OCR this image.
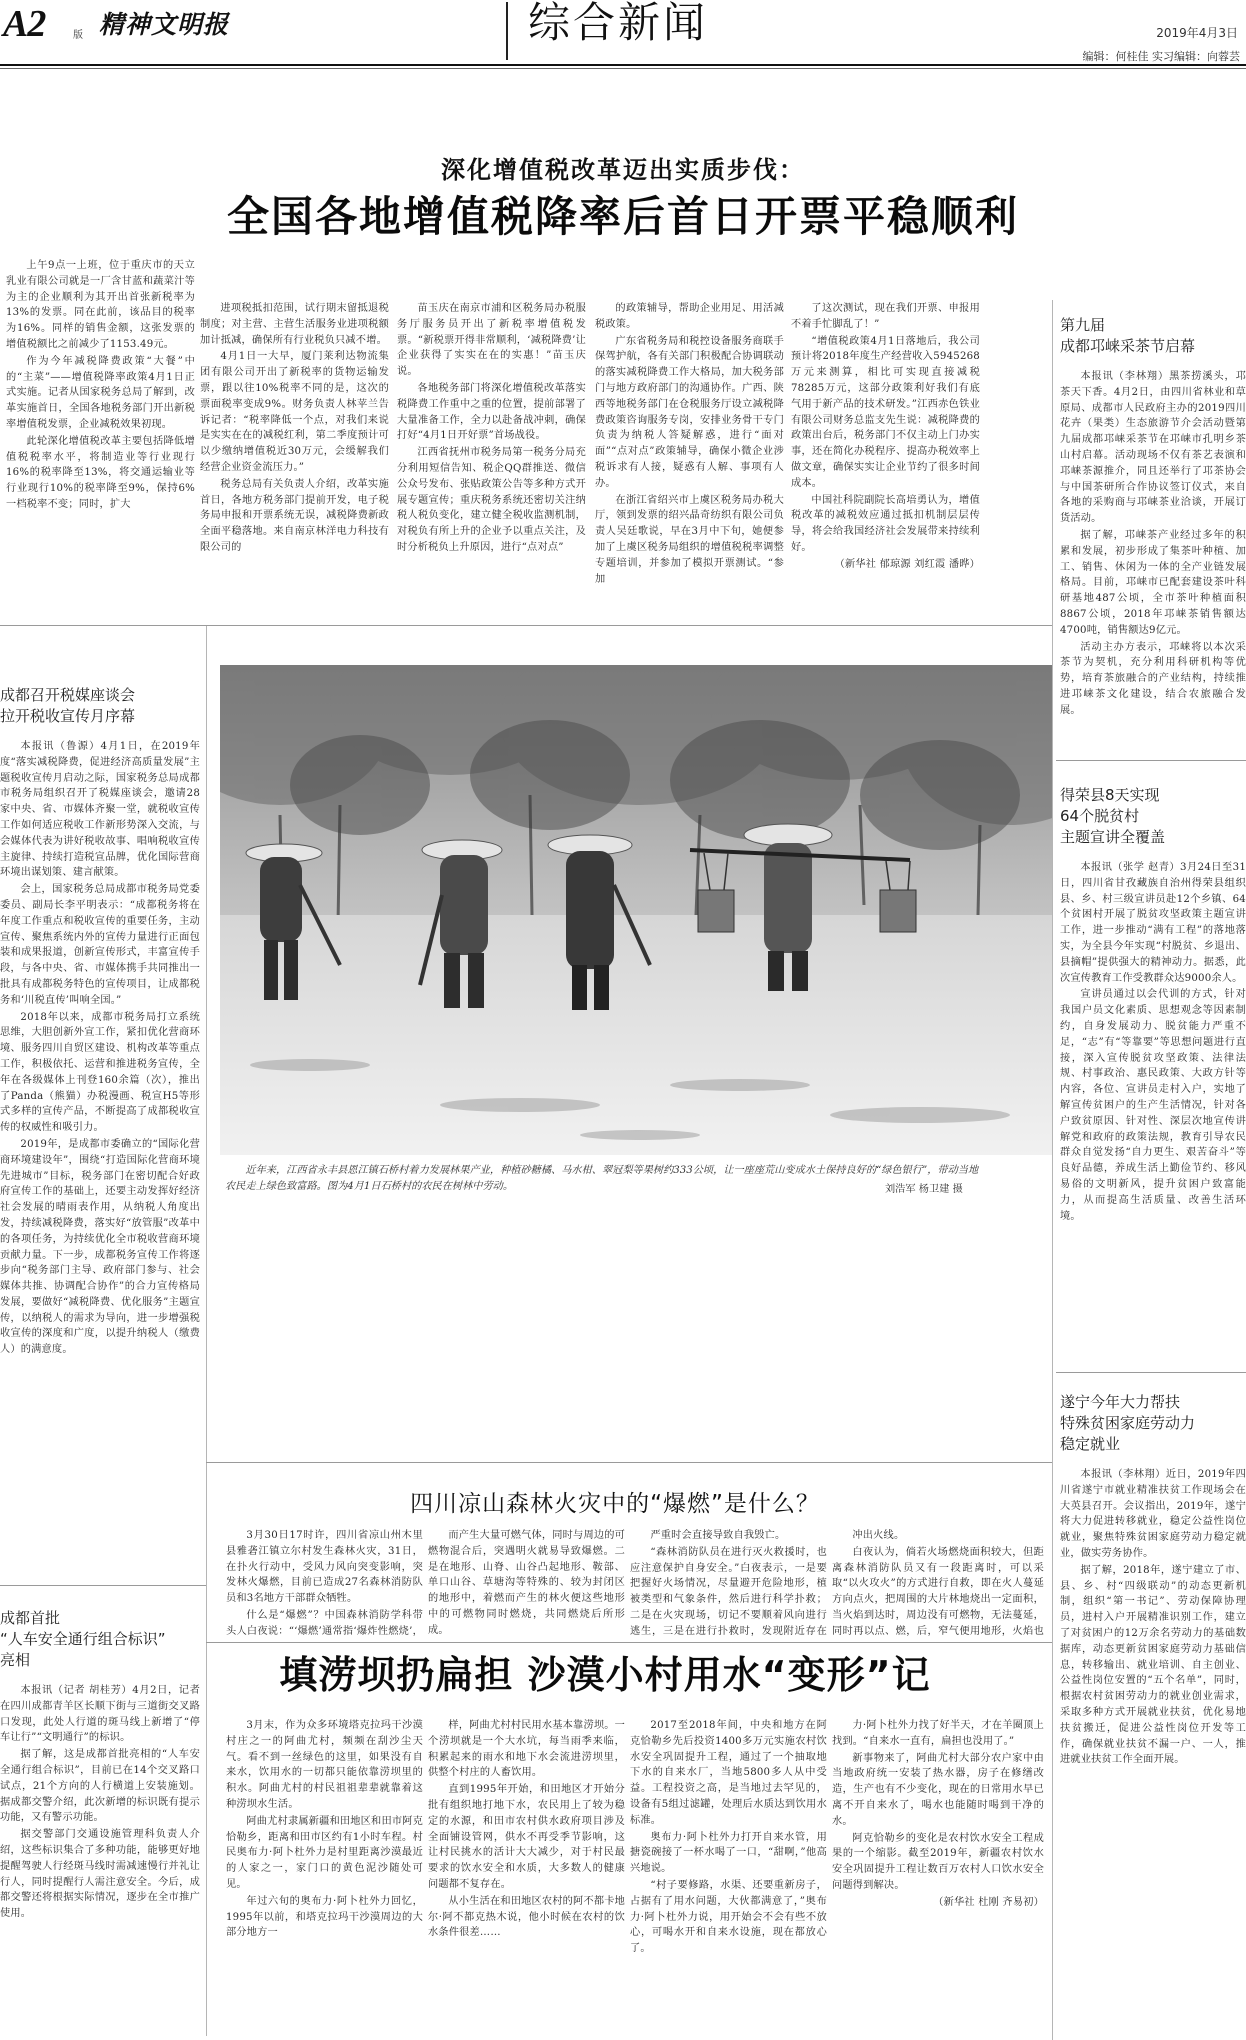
A2	版 精神文明报	综合新闻	2019年4月3日
编辑：何桂佳 实习编辑：向蓉芸
深化增值税改革迈出实质步伐：
全国各地增值税降率后首日开票平稳顺利

上午9点一上班，位于重庆市的天立乳业有限公司就是一厂含甘蓝和蔬菜汁等为主的企业顺利为其开出首张新税率为13%的发票。同在此前，该品目的税率为16%。同样的销售金额，这张发票的增值税额比之前减少了1153.49元。

作为今年减税降费政策“大餐”中的“主菜”——增值税降率政策4月1日正式实施。记者从国家税务总局了解到，改革实施首日，全国各地税务部门开出新税率增值税发票，企业减税效果初现。

此轮深化增值税改革主要包括降低增值税税率水平，将制造业等行业现行16%的税率降至13%，将交通运输业等行业现行10%的税率降至9%，保持6%一档税率不变；同时，扩大

进项税抵扣范围，试行期末留抵退税制度；对主营、主营生活服务业进项税额加计抵减，确保所有行业税负只减不增。

4月1日一大早，厦门莱利达物流集团有限公司开出了新税率的货物运输发票，跟以往10%税率不同的是，这次的票面税率变成9%。财务负责人林苹兰告诉记者：“税率降低一个点，对我们来说是实实在在的减税红利，第二季度预计可以少缴纳增值税近30万元，会缓解我们经营企业资金流压力。”

税务总局有关负责人介绍，改革实施首日，各地方税务部门提前开发，电子税务局申报和开票系统无误，减税降费新政全面平稳落地。来自南京林洋电力科技有限公司的

苗玉庆在南京市浦和区税务局办税服务厅服务员开出了新税率增值税发票。“新税票开得非常顺利，‘减税降费’让企业获得了实实在在的实惠！”苗玉庆说。

各地税务部门将深化增值税改革落实税降费工作重中之重的位置，提前部署了大量准备工作，全力以赴备战冲刺，确保打好“4月1日开好票”首场战役。

江西省抚州市税务局第一税务分局充分利用短信告知、税企QQ群推送、微信公众号发布、张贴政策公告等多种方式开展专题宣传；重庆税务系统还密切关注纳税人税负变化，建立健全税收监测机制，对税负有所上升的企业予以重点关注，及时分析税负上升原因，进行“点对点”

的政策辅导，帮助企业用足、用活减税政策。

广东省税务局和税控设备服务商联手保驾护航，各有关部门积极配合协调联动的落实减税降费工作大格局，加大税务部门与地方政府部门的沟通协作。广西、陕西等地税务部门在仓税服务厅设立减税降费政策咨询服务专岗，安排业务骨干专门负责为纳税人答疑解惑，进行“面对面”“点对点”政策辅导，确保小微企业涉税诉求有人接，疑惑有人解、事项有人办。

在浙江省绍兴市上虞区税务局办税大厅，领到发票的绍兴晶奇纺织有限公司负责人吴廷歌说，早在3月中下旬，她便参加了上虞区税务局组织的增值税税率调整专题培训，并参加了模拟开票测试。“参加

了这次测试，现在我们开票、申报用不着手忙脚乱了！”

“增值税政策4月1日落地后，我公司预计将2018年度生产经营收入5945268万元来测算，相比可实现直接减税78285万元，这部分政策利好我们有底气用于新产品的技术研发。”江西赤色铁业有限公司财务总监支先生说：减税降费的政策出台后，税务部门不仅主动上门办实事，还在简化办税程序、提高办税效率上做文章，确保实实让企业节约了很多时间成本。

中国社科院副院长高培勇认为，增值税改革的减税效应通过抵扣机制层层传导，将会给我国经济社会发展带来持续利好。

（新华社 郁琼源 刘红霞 潘晔）

第九届
成都邛崃采茶节启幕

本报讯（李林翔）黑茶捞溪头，邛茶天下香。4月2日，由四川省林业和草原局、成都市人民政府主办的2019四川花卉（果类）生态旅游节介会活动暨第九届成都邛崃采茶节在邛崃市孔明乡茶山村启幕。活动现场不仅有茶艺表演和邛崃茶源推介，同且还举行了邛茶协会与中国茶研所合作协议签订仪式，来自各地的采购商与邛崃茶业洽谈，开展订货活动。

据了解，邛崃茶产业经过多年的积累和发展，初步形成了集茶叶种植、加工、销售、休闲为一体的全产业链发展格局。目前，邛崃市已配套建设茶叶科研基地487公顷，全市茶叶种植面积8867公顷，2018年邛崃茶销售额达4700吨，销售额达9亿元。

活动主办方表示，邛崃将以本次采茶节为契机，充分利用科研机构等优势，培育茶旅融合的产业结构，持续推进邛崃茶文化建设，结合农旅融合发展。

得荣县8天实现
64个脱贫村
主题宣讲全覆盖

本报讯（张学 赵青）3月24日至31日，四川省甘孜藏族自治州得荣县组织县、乡、村三级宣讲员赴12个乡镇、64个贫困村开展了脱贫攻坚政策主题宣讲工作，进一步推动“满有工程”的落地落实，为全县今年实现“村脱贫、乡退出、县摘帽”提供强大的精神动力。据悉，此次宣传教育工作受教群众达9000余人。

宣讲员通过以会代训的方式，针对我国户员文化素质、思想观念等因素制约，自身发展动力、脱贫能力严重不足，“志”有“等靠要”等思想问题进行直接，深入宣传脱贫攻坚政策、法律法规、村事政治、惠民政策、大政方针等内容，各位、宣讲员走村入户，实地了解宣传贫困户的生产生活情况，针对各户致贫原因、针对性、深层次地宣传讲解党和政府的政策法规，教育引导农民群众自觉发扬“自力更生、艰苦奋斗”等良好品德，养成生活上勤俭节约、移风易俗的文明新风，提升贫困户致富能力，从而提高生活质量、改善生活环境。

遂宁今年大力帮扶
特殊贫困家庭劳动力
稳定就业

本报讯（李林翔）近日，2019年四川省遂宁市就业精准扶贫工作现场会在大英县召开。会议指出，2019年，遂宁将大力促进转移就业，稳定公益性岗位就业，聚焦特殊贫困家庭劳动力稳定就业，做实劳务协作。

据了解，2018年，遂宁建立了市、县、乡、村“四级联动”的动态更新机制，组织“第一书记”、劳动保障协理员，进村入户开展精准识别工作，建立了对贫困户的12万余名劳动力的基础数据库，动态更新贫困家庭劳动力基础信息，转移输出、就业培训、自主创业、公益性岗位安置的“五个名单”，同时，根据农村贫困劳动力的就业创业需求，采取多种方式开展就业扶贫，优化易地扶贫搬迁，促进公益性岗位开发等工作，确保就业扶贫不漏一户、一人，推进就业扶贫工作全面开展。

成都召开税媒座谈会
拉开税收宣传月序幕

本报讯（鲁源）4月1日，在2019年度“落实减税降费，促进经济高质量发展”主题税收宣传月启动之际，国家税务总局成都市税务局组织召开了税媒座谈会，邀请28家中央、省、市媒体齐聚一堂，就税收宣传工作如何适应税收工作新形势深入交流，与会媒体代表为讲好税收故事、唱响税收宣传主旋律、持续打造税宣品牌，优化国际营商环境出谋划策、建言献策。

会上，国家税务总局成都市税务局党委委员、副局长李平明表示：“成都税务将在年度工作重点和税收宣传的重要任务，主动宣传、聚焦系统内外的宣传力量进行正面包装和成果报道，创新宣传形式，丰富宣传手段，与各中央、省、市媒体携手共同推出一批具有成都税务特色的宣传项目，让成都税务和‘川税直传’叫响全国。”

2018年以来，成都市税务局打立系统思维，大胆创新外宣工作，紧扣优化营商环境、服务四川自贸区建设、机构改革等重点工作，积极依托、运营和推进税务宣传，全年在各级媒体上刊登160余篇（次），推出了Panda（熊猫）办税漫画、税宣H5等形式多样的宣传产品，不断提高了成都税收宣传的权威性和吸引力。

2019年，是成都市委确立的“国际化营商环境建设年”，围绕“打造国际化营商环境先进城市”目标，税务部门在密切配合好政府宣传工作的基础上，还要主动发挥好经济社会发展的晴雨表作用，从纳税人角度出发，持续减税降费，落实好“放管服”改革中的各项任务，为持续优化全市税收营商环境贡献力量。下一步，成都税务宣传工作将逐步向“税务部门主导、政府部门参与、社会媒体共推、协调配合协作”的合力宣传格局发展，要做好“减税降费、优化服务”主题宣传，以纳税人的需求为导向，进一步增强税收宣传的深度和广度，以提升纳税人（缴费人）的满意度。

成都首批
“人车安全通行组合标识”
亮相

本报讯（记者 胡桂芳）4月2日，记者在四川成都青羊区长顺下街与三道街交叉路口发现，此处人行道的斑马线上新增了“停车让行”“文明通行”的标识。

据了解，这是成都首批亮相的“人车安全通行组合标识”，目前已在14个交叉路口试点，21个方向的人行横道上安装施划。据成都交警介绍，此次新增的标识既有提示功能，又有警示功能。

据交警部门交通设施管理科负责人介绍，这些标识集合了多种功能，能够更好地提醒驾驶人行经斑马线时需减速慢行并礼让行人，同时提醒行人需注意安全。今后，成都交警还将根据实际情况，逐步在全市推广使用。

近年来，江西省永丰县恩江镇石桥村着力发展林果产业，种植砂糖橘、马水柑、翠冠梨等果树约333公顷，让一座座荒山变成水土保持良好的“绿色银行”，带动当地农民走上绿色致富路。图为4月1日石桥村的农民在树林中劳动。	刘浩军 杨卫建 摄
四川凉山森林火灾中的“爆燃”是什么？

3月30日17时许，四川省凉山州木里县雅砻江镇立尔村发生森林火灾，31日，在扑火行动中，受风力风向突变影响，突发林火爆燃，目前已造成27名森林消防队员和3名地方干部群众牺牲。

什么是“爆燃”？中国森林消防学科带头人白夜说：“‘爆燃’通常指‘爆炸性燃烧’，

而产生大量可燃气体，同时与周边的可燃物混合后，突遇明火就易导致爆燃。二是在地形、山脊、山谷凸起地形、鞍部、单口山谷、草塘沟等特殊的、较为封闭区的地形中，着燃而产生的林火便这些地形中的可燃物同时燃烧，共同燃烧后所形成。

严重时会直接导致自我毁亡。

“森林消防队员在进行灭火救援时，也应注意保护自身安全。”白夜表示，一是要把握好火场情况，尽量避开危险地形，植被类型和气象条件，然后进行科学扑救；二是在火灾现场，切记不要顺着风向进行逃生，三是在进行扑救时，发现附近存在

冲出火线。

白夜认为，倘若火场燃烧面积较大，但距离森林消防队员又有一段距离时，可以采取“以火攻火”的方式进行自救，即在火人蔓延方向点火，把周围的大片林地烧出一定面积，当火焰到达时，周边没有可燃物，无法蔓延，同时再以点、燃，后，窄气便用地形，火焰也

填涝坝扔扁担 沙漠小村用水“变形”记

3月末，作为众多环境塔克拉玛干沙漠村庄之一的阿曲尤村，频频在刮沙尘天气。看不到一丝绿色的这里，如果没有自来水，饮用水的一切都只能依靠涝坝里的积水。阿曲尤村的村民祖祖辈辈就靠着这种涝坝水生活。

阿曲尤村隶属新疆和田地区和田市阿克恰勒乡，距离和田市区约有1小时车程。村民奥布力·阿卜杜外力是村里距离沙漠最近的人家之一，家门口的黄色泥沙随处可见。

年过六旬的奥布力·阿卜杜外力回忆，1995年以前，和塔克拉玛干沙漠周边的大部分地方一

样，阿曲尤村村民用水基本靠涝坝。一个涝坝就是一个大水坑，每当雨季来临，积累起来的雨水和地下水会流进涝坝里，供整个村庄的人畜饮用。

直到1995年开始，和田地区才开始分批有组织地打地下水，农民用上了较为稳定的水源，和田市农村供水政府项目涉及全面铺设管网，供水不再受季节影响，这让村民挑水的活计大大减少，对于村民最要求的饮水安全和水质，大多数人的健康问题都不复存在。

从小生活在和田地区农村的阿不都卡地尔·阿不都克热木说，他小时候在农村的饮水条件很差……

2017至2018年间，中央和地方在阿克恰勒乡先后投资1400多万元实施农村饮水安全巩固提升工程，通过了一个抽取地下水的自来水厂，当地5800多人从中受益。工程投资之高，是当地过去罕见的，设备有5组过滤罐，处理后水质达到饮用水标准。

奥布力·阿卜杜外力打开自来水管，用搪瓷碗接了一杯水喝了一口，“甜啊，”他高兴地说。

“村子要修路，水渠、还要重新房子，占据有了用水问题，大伙都满意了，”奥布力·阿卜杜外力说，用开始会不会有些不放心，可喝水开和自来水设施，现在都放心了。

力·阿卜杜外力找了好半天，才在羊圈顶上找到。“自来水一直有，扁担也没用了。”

新事物来了，阿曲尤村大部分农户家中由当地政府统一安装了热水器，房子在修缮改造，生产也有不少变化，现在的日常用水早已离不开自来水了，喝水也能随时喝到干净的水。

阿克恰勒乡的变化是农村饮水安全工程成果的一个缩影。截至2019年，新疆农村饮水安全巩固提升工程让数百万农村人口饮水安全问题得到解决。

（新华社 杜刚 齐易初）
